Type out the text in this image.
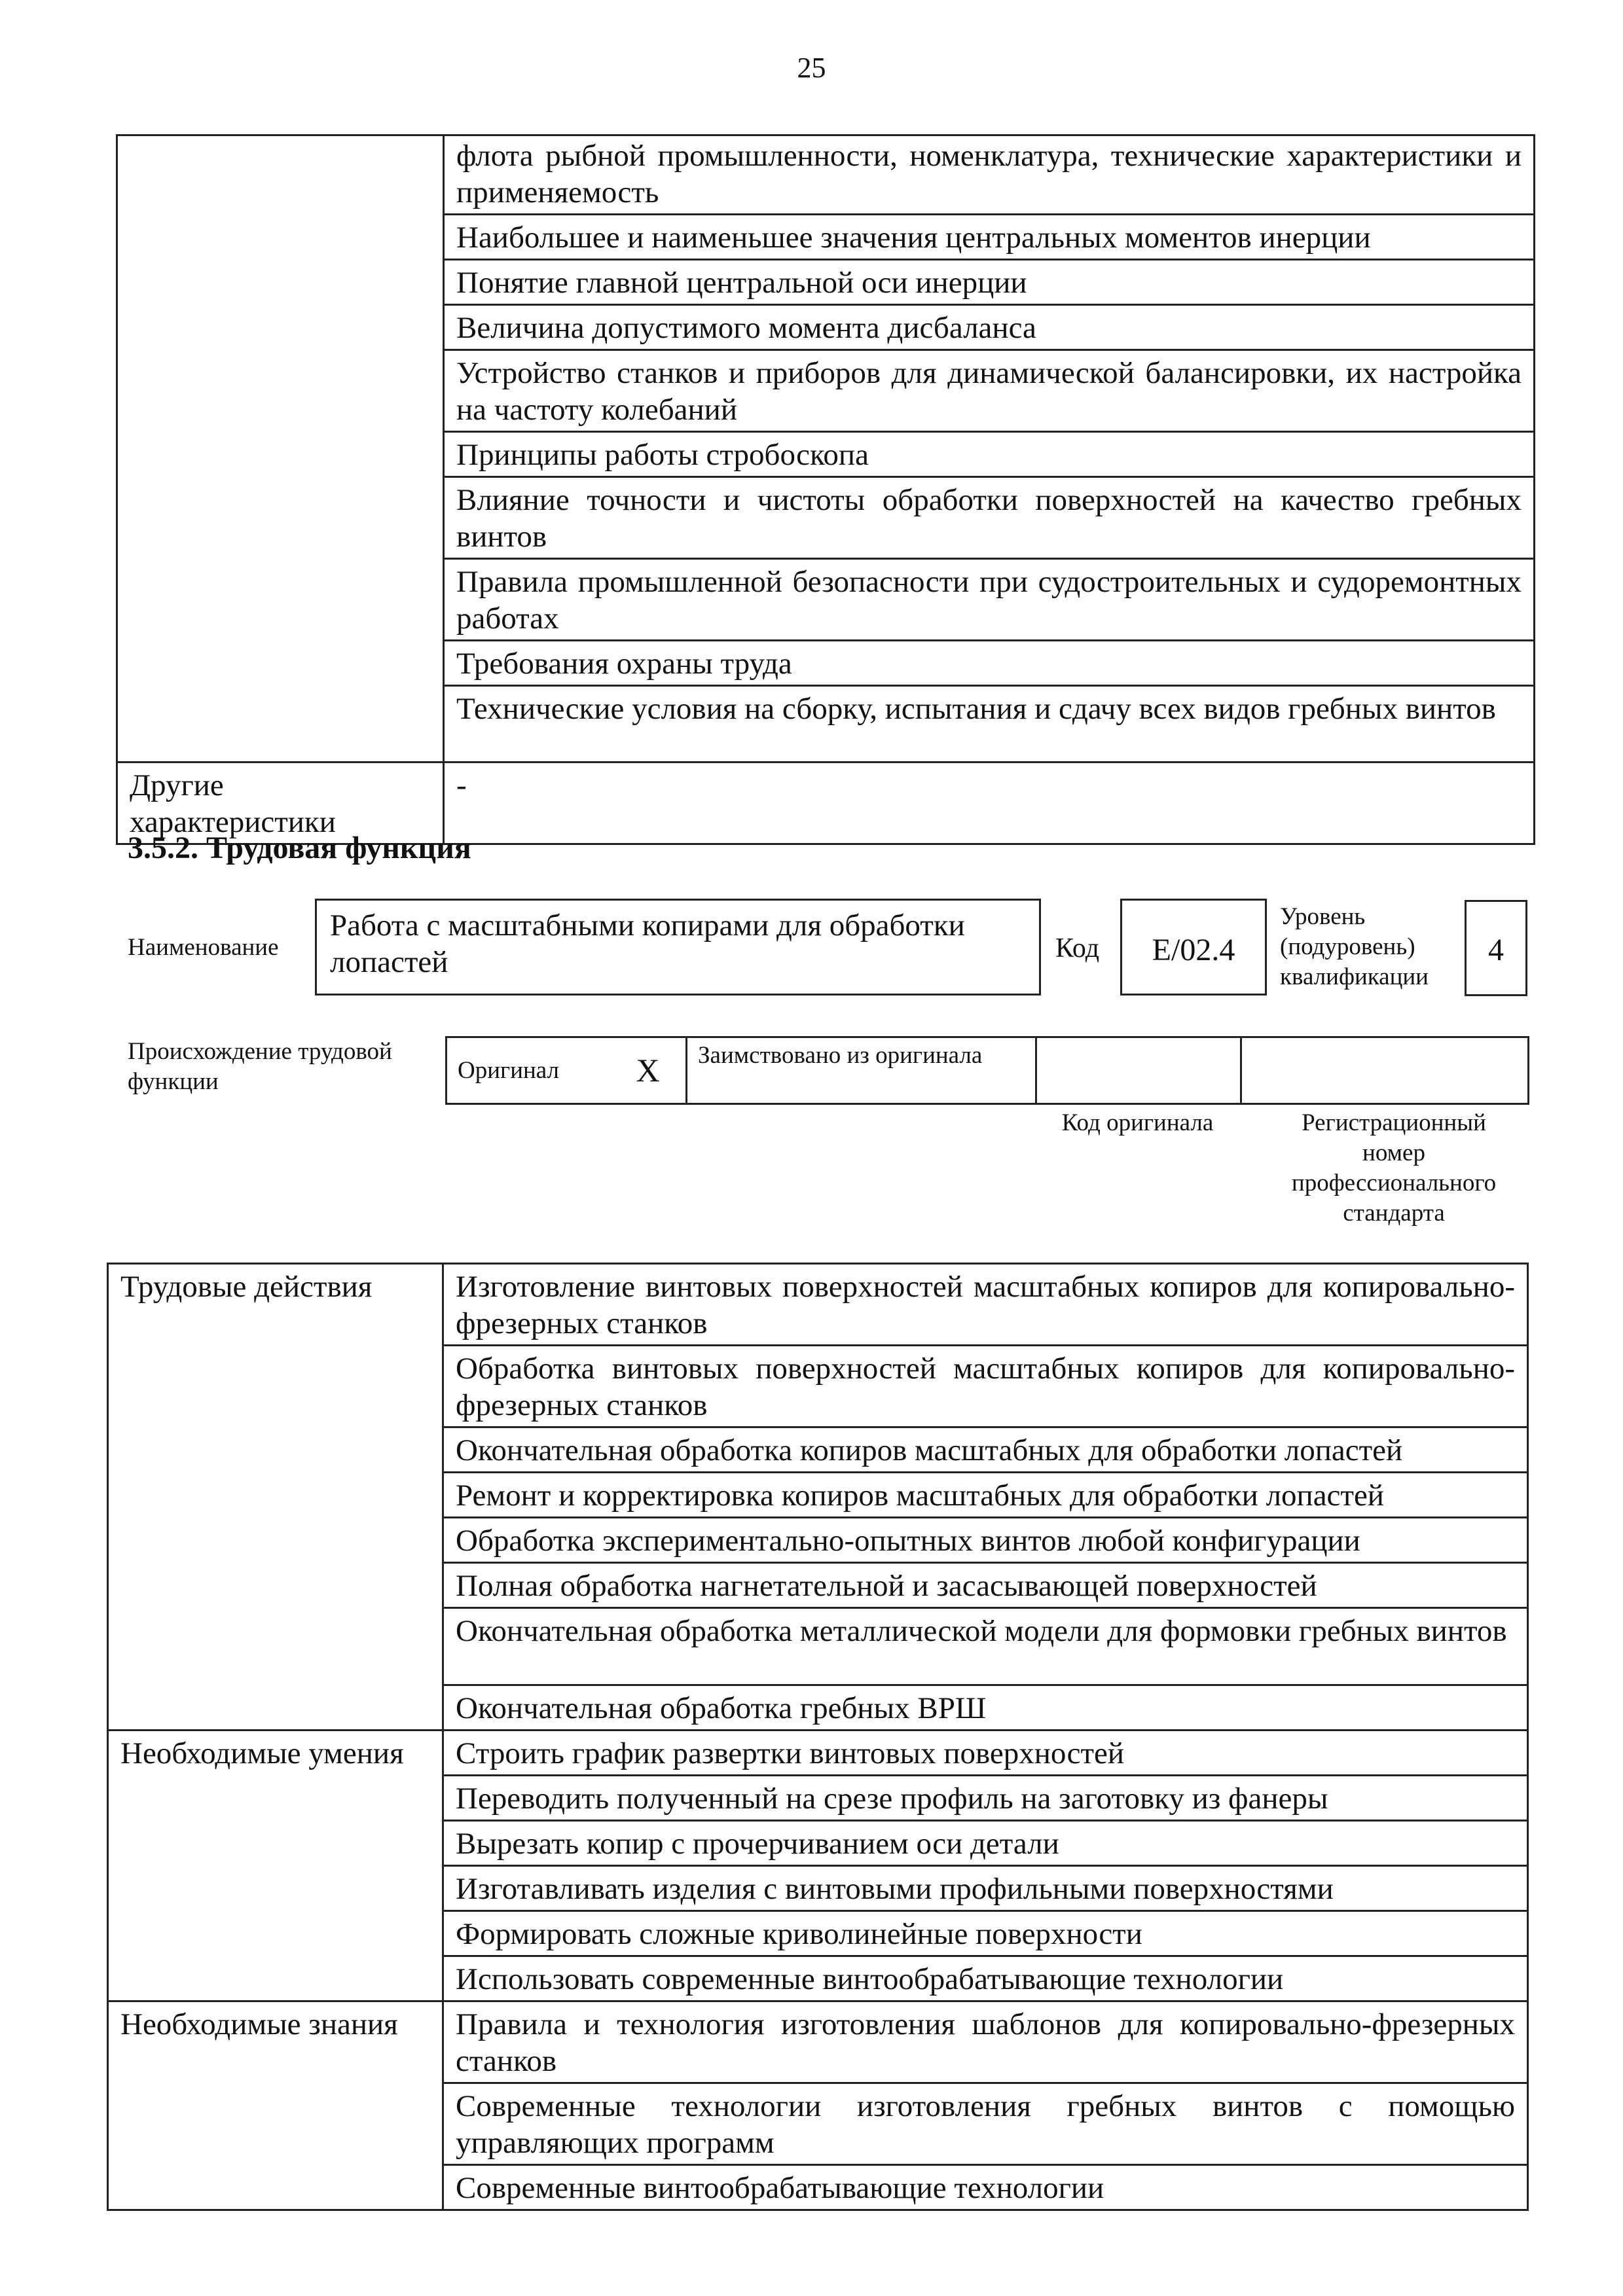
25
	флота рыбной промышленности, номенклатура, технические характеристики и применяемость
	Наибольшее и наименьшее значения центральных моментов инерции
	Понятие главной центральной оси инерции
	Величина допустимого момента дисбаланса
	Устройство станков и приборов для динамической балансировки, их настройка на частоту колебаний
	Принципы работы стробоскопа
	Влияние точности и чистоты обработки поверхностей на качество гребных винтов
	Правила промышленной безопасности при судостроительных и судоремонтных работах
	Требования охраны труда
	Технические условия на сборку, испытания и сдачу всех видов гребных винтов
Другие характеристики	-
3.5.2. Трудовая функция
Наименование
Работа с масштабными копирами для обработки лопастей	Код	E/02.4
Уровень (подуровень) квалификации
4
Происхождение трудовой функции	Оригинал X	Заимствовано из оригинала		
Код оригинала	Регистрационный номер профессионального стандарта
Трудовые действия	Изготовление винтовых поверхностей масштабных копиров для копировально-фрезерных станков
	Обработка винтовых поверхностей масштабных копиров для копировально-фрезерных станков
	Окончательная обработка копиров масштабных для обработки лопастей
	Ремонт и корректировка копиров масштабных для обработки лопастей
	Обработка экспериментально-опытных винтов любой конфигурации
	Полная обработка нагнетательной и засасывающей поверхностей
	Окончательная обработка металлической модели для формовки гребных винтов
	Окончательная обработка гребных ВРШ
Необходимые умения	Строить график развертки винтовых поверхностей
	Переводить полученный на срезе профиль на заготовку из фанеры
	Вырезать копир с прочерчиванием оси детали
	Изготавливать изделия с винтовыми профильными поверхностями
	Формировать сложные криволинейные поверхности
	Использовать современные винтообрабатывающие технологии
Необходимые знания	Правила и технология изготовления шаблонов для копировально-фрезерных станков
	Современные технологии изготовления гребных винтов с помощью управляющих программ
	Современные винтообрабатывающие технологии
